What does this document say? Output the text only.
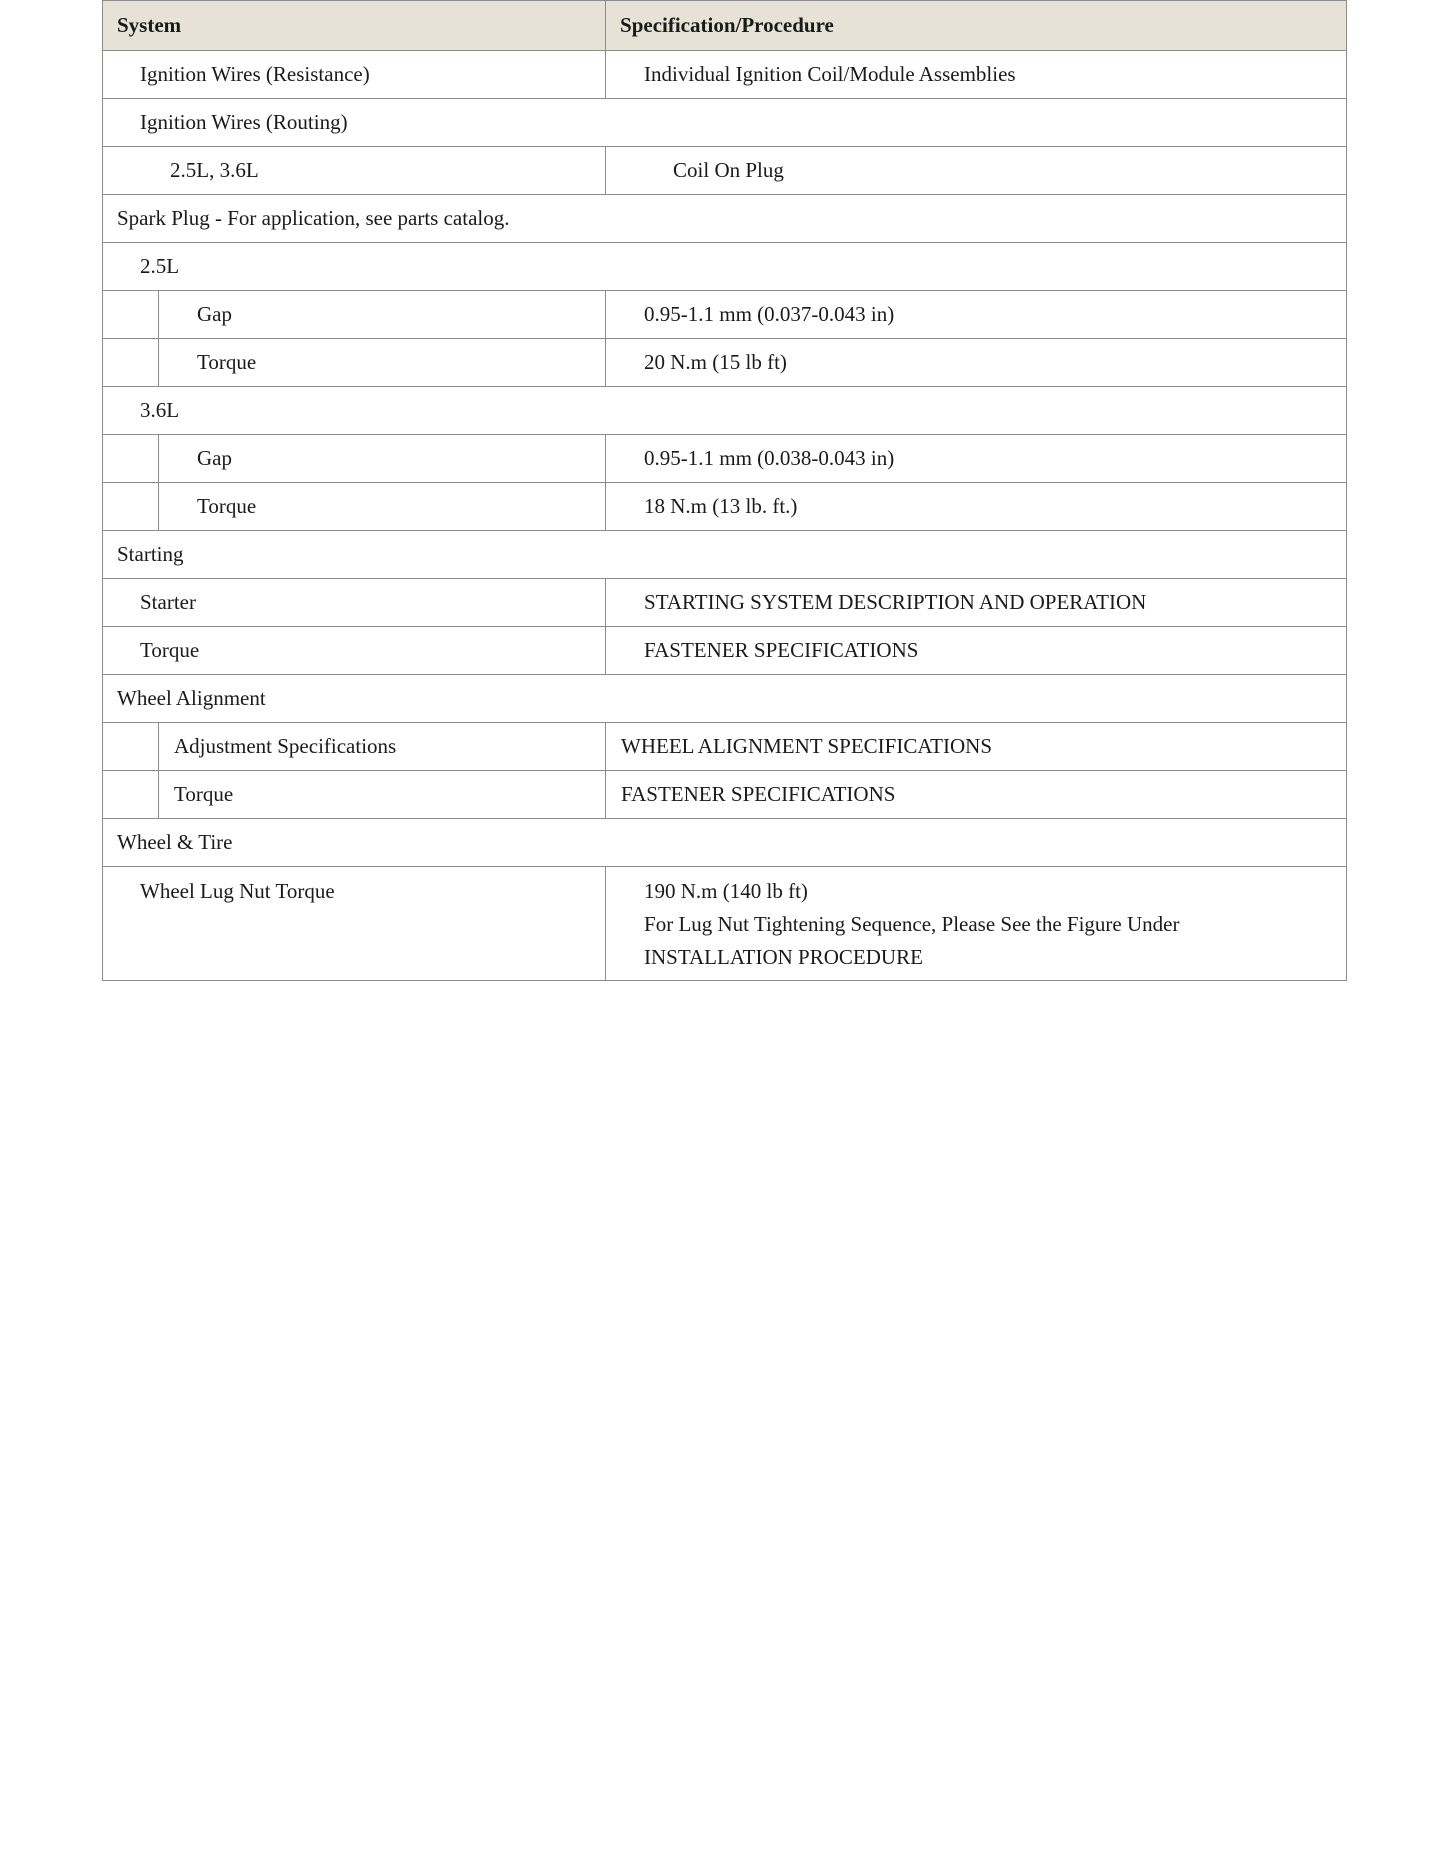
System		Specification/Procedure
Ignition Wires (Resistance)		Individual Ignition Coil/Module Assemblies
Ignition Wires (Routing)		
2.5L, 3.6L		Coil On Plug
Spark Plug - For application, see parts catalog.		
2.5L		
	Gap	0.95-1.1 mm (0.037-0.043 in)
	Torque	20 N.m (15 lb ft)
3.6L		
	Gap	0.95-1.1 mm (0.038-0.043 in)
	Torque	18 N.m (13 lb. ft.)
Starting		
Starter		STARTING SYSTEM DESCRIPTION AND OPERATION
Torque		FASTENER SPECIFICATIONS
Wheel Alignment		
	Adjustment Specifications	WHEEL ALIGNMENT SPECIFICATIONS
	Torque	FASTENER SPECIFICATIONS
Wheel & Tire		

Wheel Lug Nut Torque		190 N.m (140 lb ft)
For Lug Nut Tightening Sequence, Please See the Figure Under
INSTALLATION PROCEDURE
